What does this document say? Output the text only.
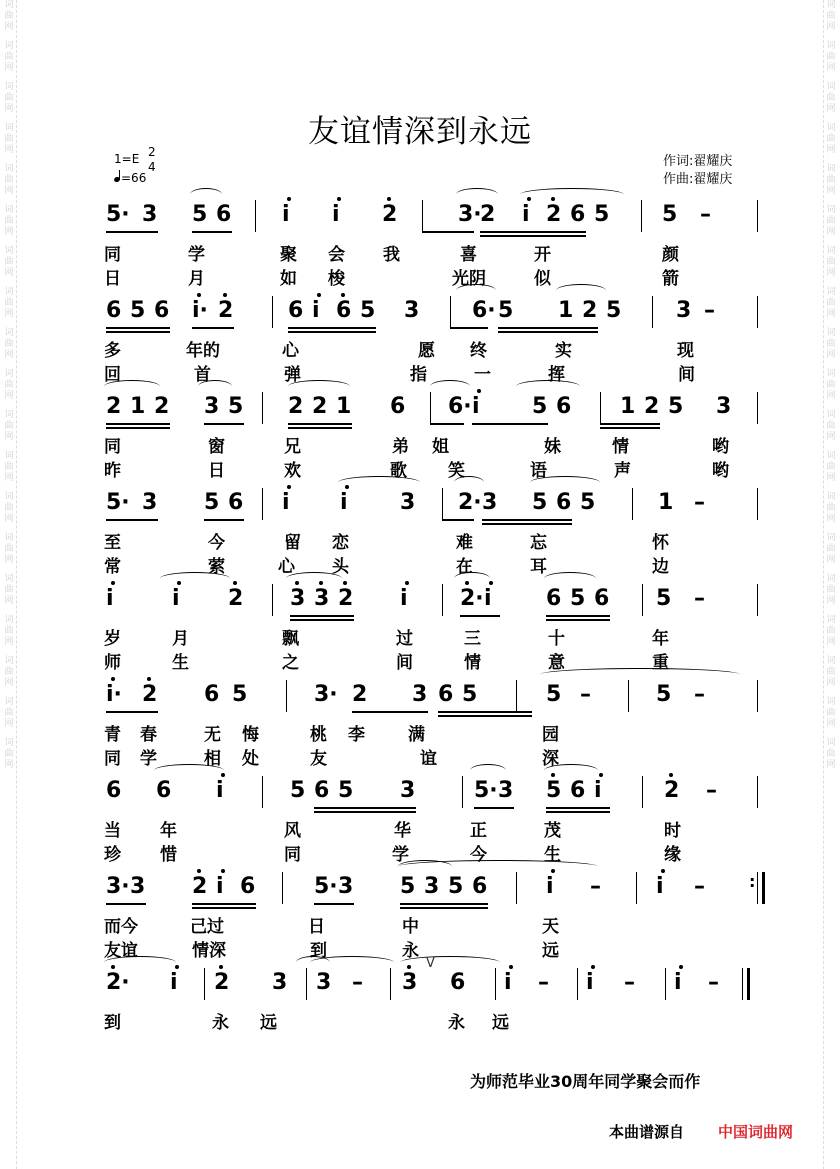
词
曲
网
词
曲
网
词
曲
网
词
曲
网
词
曲
网
词
曲
网
词
曲
网
词
曲
网
词
曲
网
词
曲
网
词
曲
网
词
曲
网
词
曲
网
词
曲
网
词
曲
网
词
曲
网
词
曲
网
词
曲
网
词
曲
网
词
曲
网
词
曲
网
词
曲
网
词
曲
网
词
曲
网
词
曲
网
词
曲
网
词
曲
网
词
曲
网
词
曲
网
词
曲
网
词
曲
网
词
曲
网
词
曲
网
词
曲
网
词
曲
网
词
曲
网
词
曲
网
词
曲
网
友谊情深到永远
1=E 2
4
=66
作词:翟耀庆
作曲:翟耀庆
5· 3 5 6 i i 2	3·
2 i 2 6 5 5 –
同	学	聚 会 我	喜	开	颜
日	月	如 梭	光阴	似	箭
6 5 6 i· 2 6 i 6 5 3 6· 5 1 2 5 3 –
多	年的	心	愿 终	实	现
回	首	弹	指	一	挥	间
2 1 2 3 5 2 2 1 6 6· i 5 6 1 2 5 3
同	窗	兄	弟 姐	妹	情	哟
昨	日	欢	歌 笑	语	声	哟
5· 3 5 6 i i 3 2· 3 5 6 5	1 –
至	今	留 恋	难	忘	怀
常	萦	心 头	在	耳	边
i	i 2 3 3 2 i 2· i 6 5 6 5 –
岁	月	飘	过	三	十	年
师	生	之	间	情	意	重
i· 2 6 5	3· 2 3 6 5	5 –	5 –
青 春	无 悔	桃 李	满	园
同 学	相 处	友	谊	深
6 6 i	5 6 5 3	5· 3 5 6 i	2 –
当 年	风	华	正	茂	时
珍 惜	同	学	今	生	缘
3· 3 2 i 6	5· 3 5 3 5 6	i –	i –	:
而今	己过	日	中	天
友谊	情深	到	永	远
2· i 2 3 3 – 3 6 i – i – i –
V
到	永 远	永 远
为师范毕业30周年同学聚会而作
本曲谱源自 中国词曲网
